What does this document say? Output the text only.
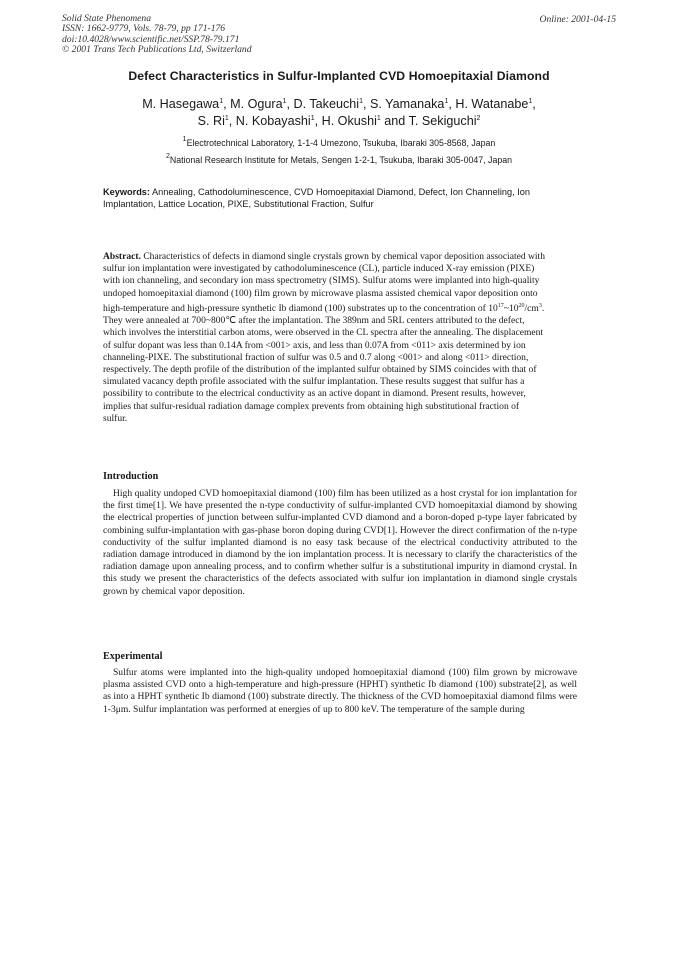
Solid State Phenomena
ISSN: 1662-9779, Vols. 78-79, pp 171-176
doi:10.4028/www.scientific.net/SSP.78-79.171
© 2001 Trans Tech Publications Ltd, Switzerland
Online: 2001-04-15
Defect Characteristics in Sulfur-Implanted CVD Homoepitaxial Diamond
M. Hasegawa$^1$, M. Ogura$^1$, D. Takeuchi$^1$, S. Yamanaka$^1$, H. Watanabe$^1$,
S. Ri$^1$, N. Kobayashi$^1$, H. Okushi$^1$ and T. Sekiguchi$^2$
$^1$Electrotechnical Laboratory, 1-1-4 Umezono, Tsukuba, Ibaraki 305-8568, Japan
$^2$National Research Institute for Metals, Sengen 1-2-1, Tsukuba, Ibaraki 305-0047, Japan
Keywords: Annealing, Cathodoluminescence, CVD Homoepitaxial Diamond, Defect, Ion Channeling, Ion Implantation, Lattice Location, PIXE, Substitutional Fraction, Sulfur
Abstract. Characteristics of defects in diamond single crystals grown by chemical vapor deposition associated with sulfur ion implantation were investigated by cathodoluminescence (CL), particle induced X-ray emission (PIXE) with ion channeling, and secondary ion mass spectrometry (SIMS). Sulfur atoms were implanted into high-quality undoped homoepitaxial diamond (100) film grown by microwave plasma assisted chemical vapor deposition onto high-temperature and high-pressure synthetic Ib diamond (100) substrates up to the concentration of $10^{17}\sim 10^{20}/cm^3$. They were annealed at 700~800℃ after the implantation. The 389nm and 5RL centers attributed to the defect, which involves the interstitial carbon atoms, were observed in the CL spectra after the annealing. The displacement of sulfur dopant was less than 0.14A from <001> axis, and less than 0.07A from <011> axis determined by ion channeling-PIXE. The substitutional fraction of sulfur was 0.5 and 0.7 along <001> and along <011> direction, respectively. The depth profile of the distribution of the implanted sulfur obtained by SIMS coincides with that of simulated vacancy depth profile associated with the sulfur implantation. These results suggest that sulfur has a possibility to contribute to the electrical conductivity as an active dopant in diamond. Present results, however, implies that sulfur-residual radiation damage complex prevents from obtaining high substitutional fraction of sulfur.
Introduction
High quality undoped CVD homoepitaxial diamond (100) film has been utilized as a host crystal for ion implantation for the first time[1]. We have presented the n-type conductivity of sulfur-implanted CVD homoepitaxial diamond by showing the electrical properties of junction between sulfur-implanted CVD diamond and a boron-doped p-type layer fabricated by combining sulfur-implantation with gas-phase boron doping during CVD[1]. However the direct confirmation of the n-type conductivity of the sulfur implanted diamond is no easy task because of the electrical conductivity attributed to the radiation damage introduced in diamond by the ion implantation process. It is necessary to clarify the characteristics of the radiation damage upon annealing process, and to confirm whether sulfur is a substitutional impurity in diamond crystal. In this study we present the characteristics of the defects associated with sulfur ion implantation in diamond single crystals grown by chemical vapor deposition.
Experimental
Sulfur atoms were implanted into the high-quality undoped homoepitaxial diamond (100) film grown by microwave plasma assisted CVD onto a high-temperature and high-pressure (HPHT) synthetic Ib diamond (100) substrate[2], as well as into a HPHT synthetic Ib diamond (100) substrate directly. The thickness of the CVD homoepitaxial diamond films were 1-3μm. Sulfur implantation was performed at energies of up to 800 keV. The temperature of the sample during
